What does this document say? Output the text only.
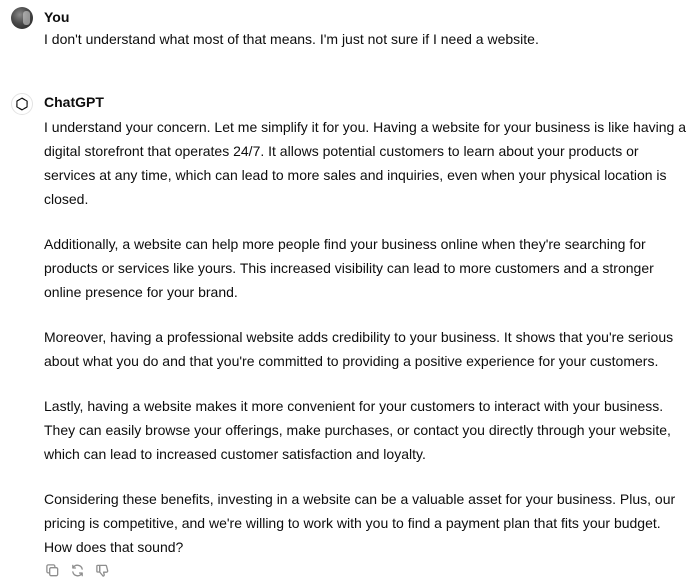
You

I don't understand what most of that means. I'm just not sure if I need a website.

ChatGPT

I understand your concern. Let me simplify it for you. Having a website for your business is like having a digital storefront that operates 24/7. It allows potential customers to learn about your products or services at any time, which can lead to more sales and inquiries, even when your physical location is closed.

Additionally, a website can help more people find your business online when they're searching for products or services like yours. This increased visibility can lead to more customers and a stronger online presence for your brand.

Moreover, having a professional website adds credibility to your business. It shows that you're serious about what you do and that you're committed to providing a positive experience for your customers.

Lastly, having a website makes it more convenient for your customers to interact with your business. They can easily browse your offerings, make purchases, or contact you directly through your website, which can lead to increased customer satisfaction and loyalty.

Considering these benefits, investing in a website can be a valuable asset for your business. Plus, our pricing is competitive, and we're willing to work with you to find a payment plan that fits your budget. How does that sound?
